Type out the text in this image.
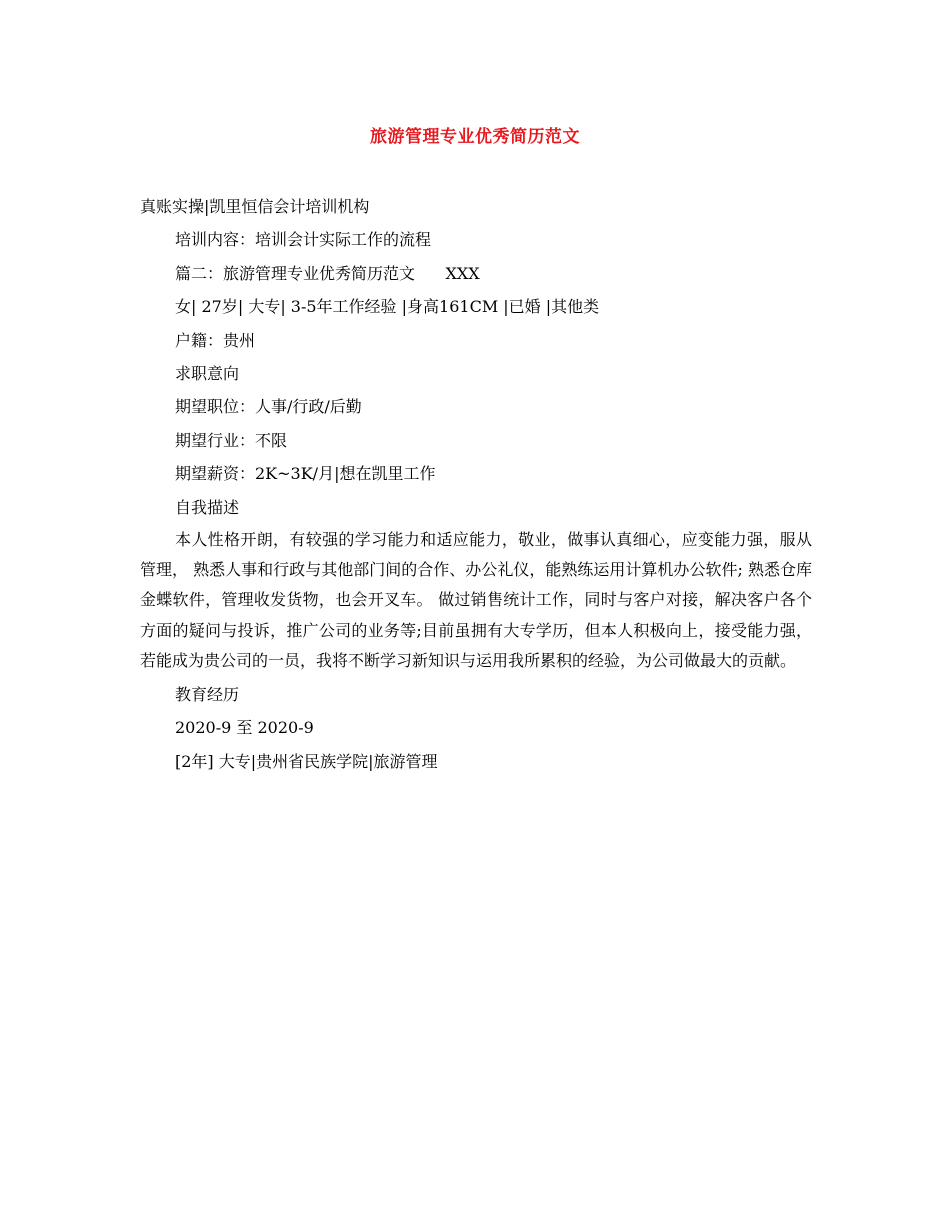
旅游管理专业优秀简历范文
真账实操|凯里恒信会计培训机构
培训内容：培训会计实际工作的流程
篇二：旅游管理专业优秀简历范文      XXX
女| 27岁| 大专| 3-5年工作经验 |身高161CM |已婚 |其他类
户籍：贵州
求职意向
期望职位：人事/行政/后勤
期望行业：不限
期望薪资：2K~3K/月|想在凯里工作
自我描述
本人性格开朗，有较强的学习能力和适应能力，敬业，做事认真细心，应变能力强，服从管理， 熟悉人事和行政与其他部门间的合作、办公礼仪，能熟练运用计算机办公软件; 熟悉仓库金蝶软件，管理收发货物，也会开叉车。 做过销售统计工作，同时与客户对接，解决客户各个方面的疑问与投诉，推广公司的业务等;目前虽拥有大专学历，但本人积极向上，接受能力强，若能成为贵公司的一员，我将不断学习新知识与运用我所累积的经验，为公司做最大的贡献。
教育经历
2020-9 至 2020-9
[2年] 大专|贵州省民族学院|旅游管理
